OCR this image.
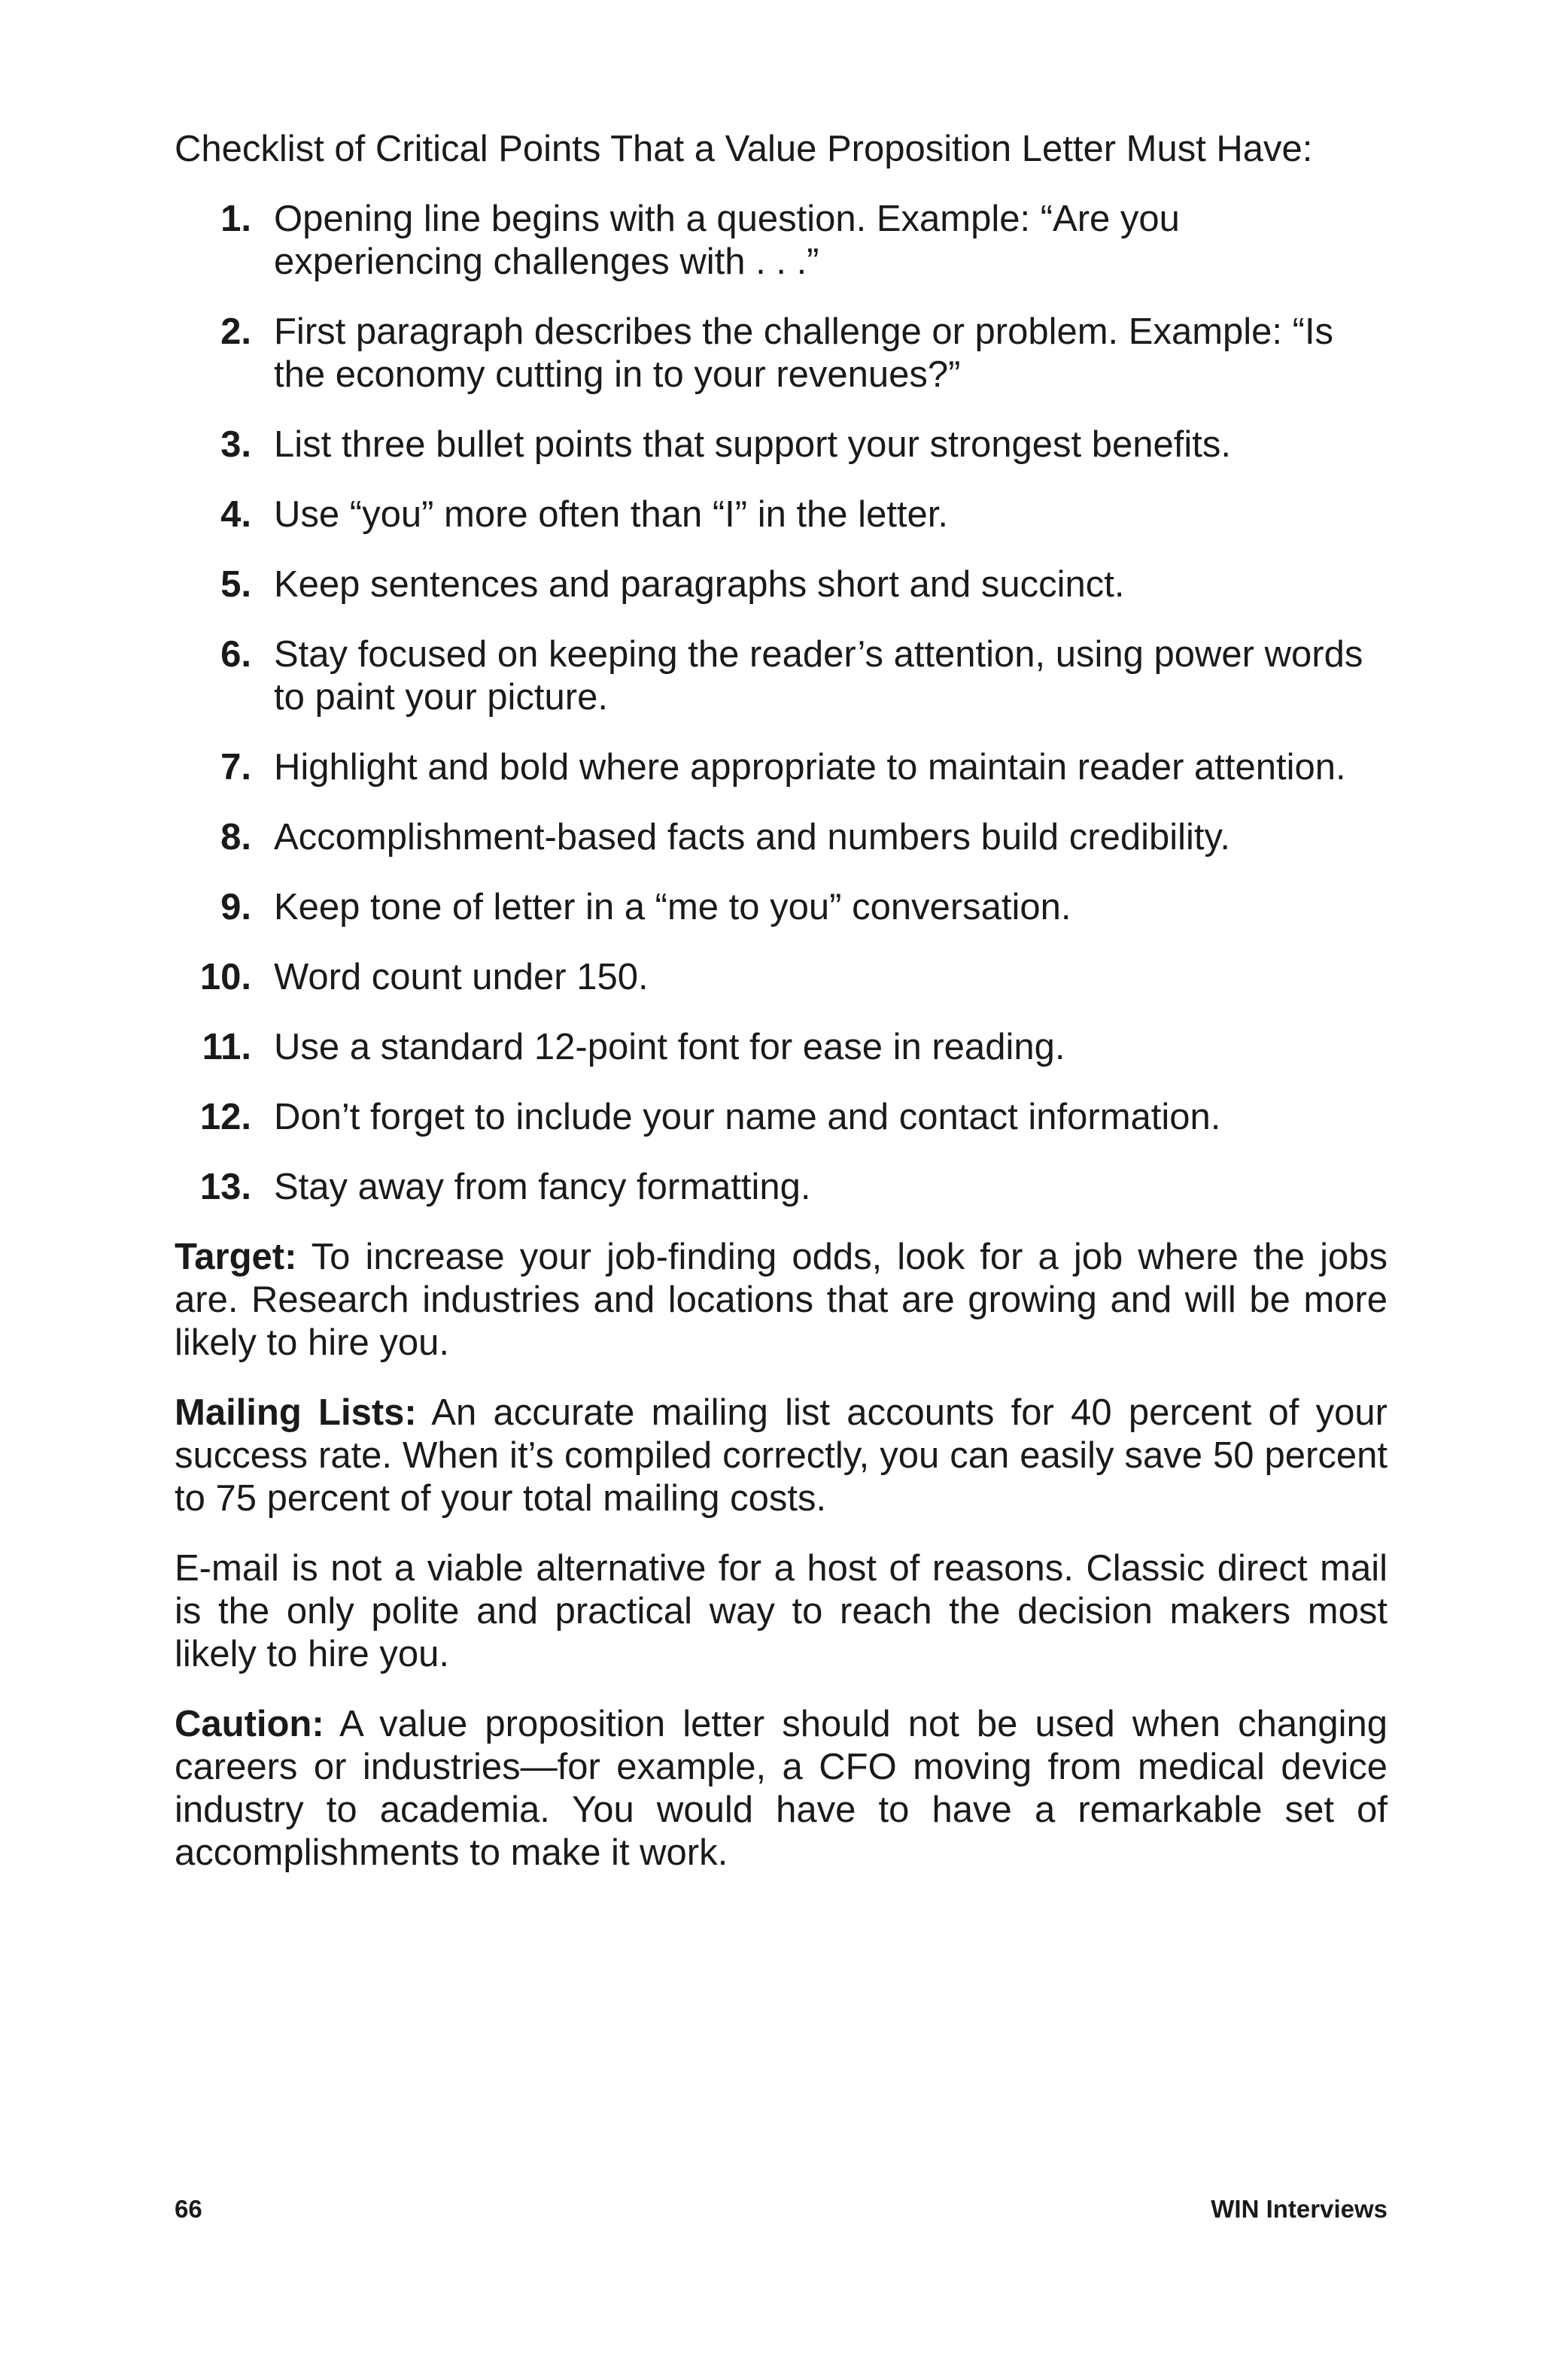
Checklist of Critical Points That a Value Proposition Letter Must Have:

1. Opening line begins with a question. Example: “Are you experiencing challenges with . . .”
2. First paragraph describes the challenge or problem. Example: “Is the economy cutting in to your revenues?”
3. List three bullet points that support your strongest benefits.
4. Use “you” more often than “I” in the letter.
5. Keep sentences and paragraphs short and succinct.
6. Stay focused on keeping the reader’s attention, using power words to paint your picture.
7. Highlight and bold where appropriate to maintain reader attention.
8. Accomplishment-based facts and numbers build credibility.
9. Keep tone of letter in a “me to you” conversation.
10. Word count under 150.
11. Use a standard 12-point font for ease in reading.
12. Don’t forget to include your name and contact information.
13. Stay away from fancy formatting.

Target: To increase your job-finding odds, look for a job where the jobs are. Research industries and locations that are growing and will be more likely to hire you.

Mailing Lists: An accurate mailing list accounts for 40 percent of your success rate. When it’s compiled correctly, you can easily save 50 percent to 75 percent of your total mailing costs.

E-mail is not a viable alternative for a host of reasons. Classic direct mail is the only polite and practical way to reach the decision makers most likely to hire you.

Caution: A value proposition letter should not be used when changing careers or industries—for example, a CFO moving from medical device industry to academia. You would have to have a remarkable set of accomplishments to make it work.

66	WIN Interviews
